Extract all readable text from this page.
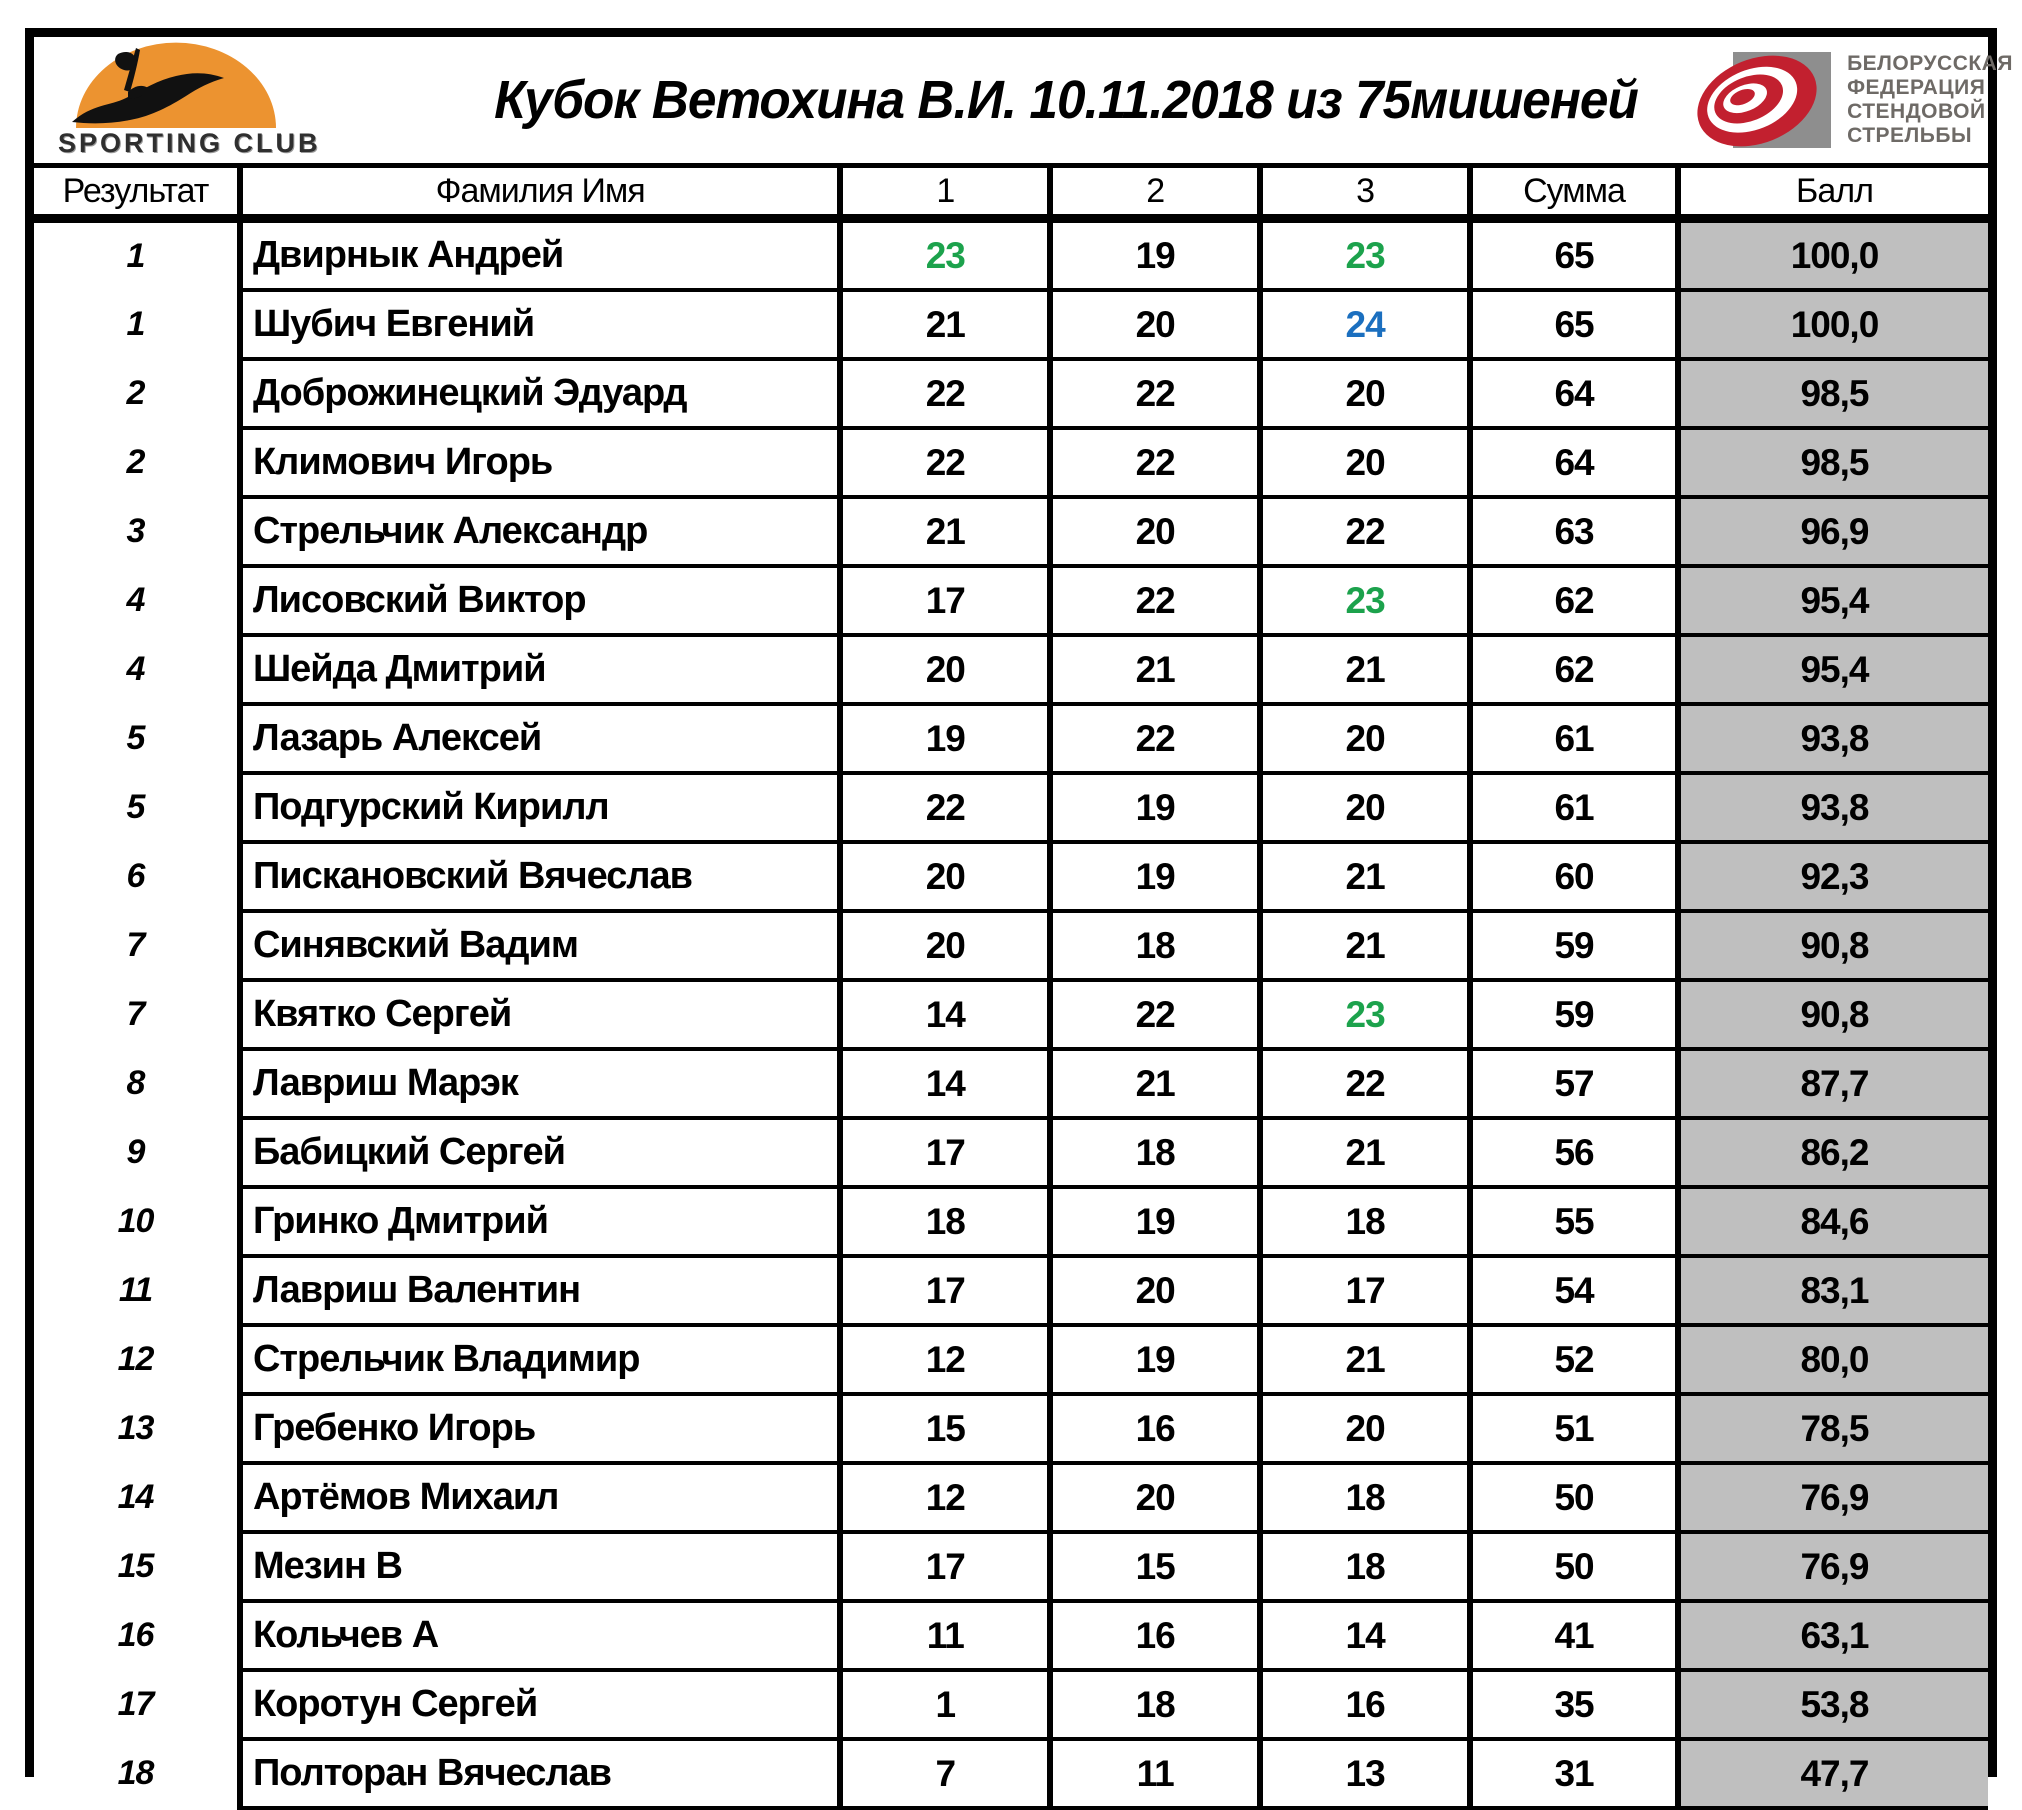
SPORTING CLUB
Кубок Ветохина В.И. 10.11.2018 из 75мишеней
БЕЛОРУССКАЯ
ФЕДЕРАЦИЯ
СТЕНДОВОЙ
СТРЕЛЬБЫ
Результат	Фамилия Имя	1	2	3	Сумма	Балл
1	Двирнык Андрей	23	19	23	65	100,0
1	Шубич Евгений	21	20	24	65	100,0
2	Доброжинецкий Эдуард	22	22	20	64	98,5
2	Климович Игорь	22	22	20	64	98,5
3	Стрельчик Александр	21	20	22	63	96,9
4	Лисовский Виктор	17	22	23	62	95,4
4	Шейда Дмитрий	20	21	21	62	95,4
5	Лазарь Алексей	19	22	20	61	93,8
5	Подгурский Кирилл	22	19	20	61	93,8
6	Пискановский Вячеслав	20	19	21	60	92,3
7	Синявский Вадим	20	18	21	59	90,8
7	Квятко Сергей	14	22	23	59	90,8
8	Лавриш Марэк	14	21	22	57	87,7
9	Бабицкий Сергей	17	18	21	56	86,2
10	Гринко Дмитрий	18	19	18	55	84,6
11	Лавриш Валентин	17	20	17	54	83,1
12	Стрельчик Владимир	12	19	21	52	80,0
13	Гребенко Игорь	15	16	20	51	78,5
14	Артёмов Михаил	12	20	18	50	76,9
15	Мезин В	17	15	18	50	76,9
16	Кольчев А	11	16	14	41	63,1
17	Коротун Сергей	1	18	16	35	53,8
18	Полторан Вячеслав	7	11	13	31	47,7
